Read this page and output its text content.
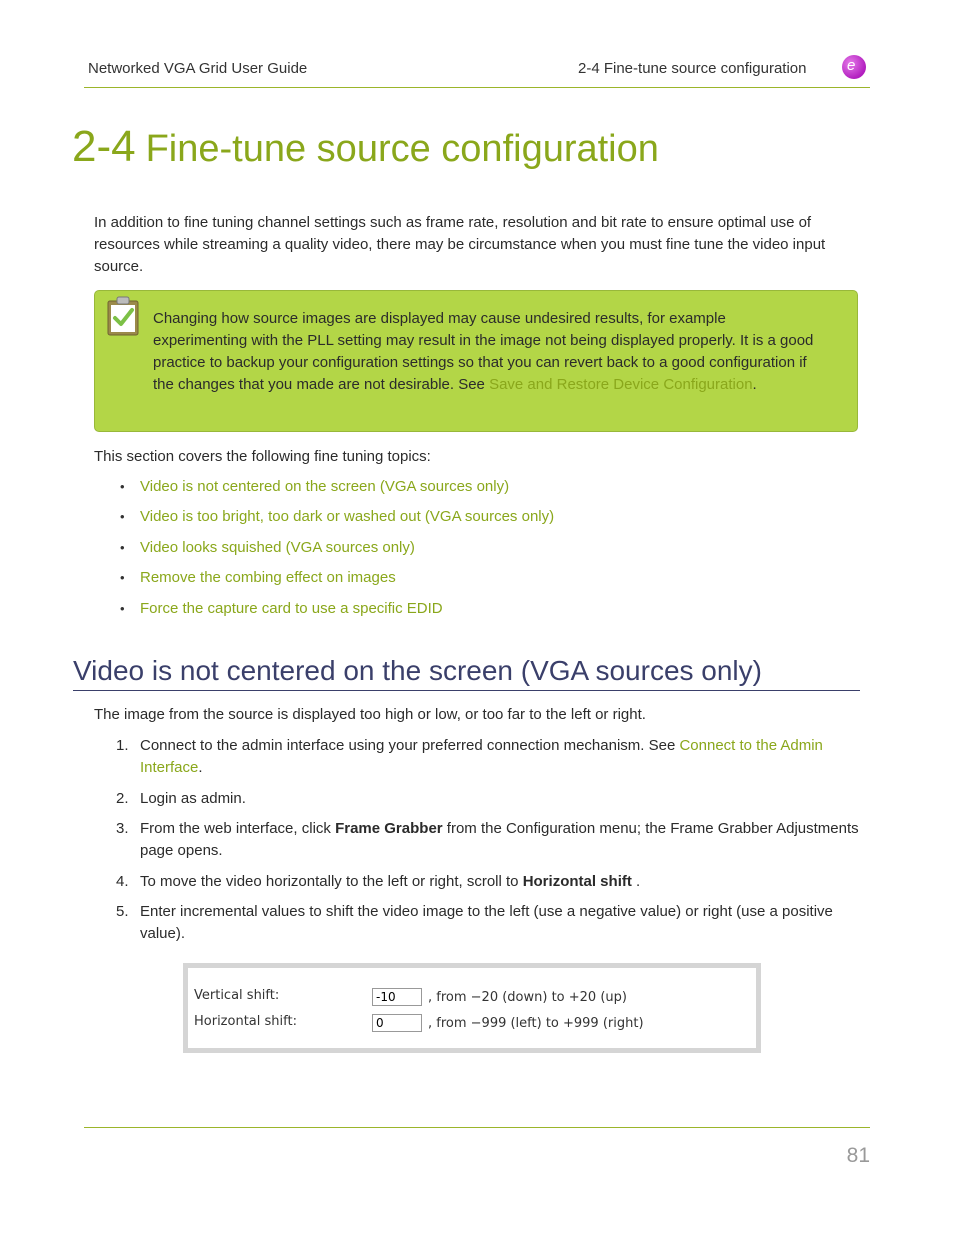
Networked VGA Grid User Guide	2-4 Fine-tune source configuration	e
2-4 Fine-tune source configuration

In addition to fine tuning channel settings such as frame rate, resolution and bit rate to ensure optimal use of resources while streaming a quality video, there may be circumstance when you must fine tune the video input source.

Changing how source images are displayed may cause undesired results, for example experimenting with the PLL setting may result in the image not being displayed properly. It is a good practice to backup your configuration settings so that you can revert back to a good configuration if the changes that you made are not desirable. See Save and Restore Device Configuration.

This section covers the following fine tuning topics:

• Video is not centered on the screen (VGA sources only)
• Video is too bright, too dark or washed out (VGA sources only)
• Video looks squished (VGA sources only)
• Remove the combing effect on images
• Force the capture card to use a specific EDID
Video is not centered on the screen (VGA sources only)

The image from the source is displayed too high or low, or too far to the left or right.

1. Connect to the admin interface using your preferred connection mechanism. See Connect to the Admin Interface.
2. Login as admin.
3. From the web interface, click Frame Grabber from the Configuration menu; the Frame Grabber Adjustments page opens.
4. To move the video horizontally to the left or right, scroll to Horizontal shift .
5. Enter incremental values to shift the video image to the left (use a negative value) or right (use a positive value).
Vertical shift:
-10	, from −20 (down) to +20 (up)
Horizontal shift:
0	, from −999 (left) to +999 (right)
81
